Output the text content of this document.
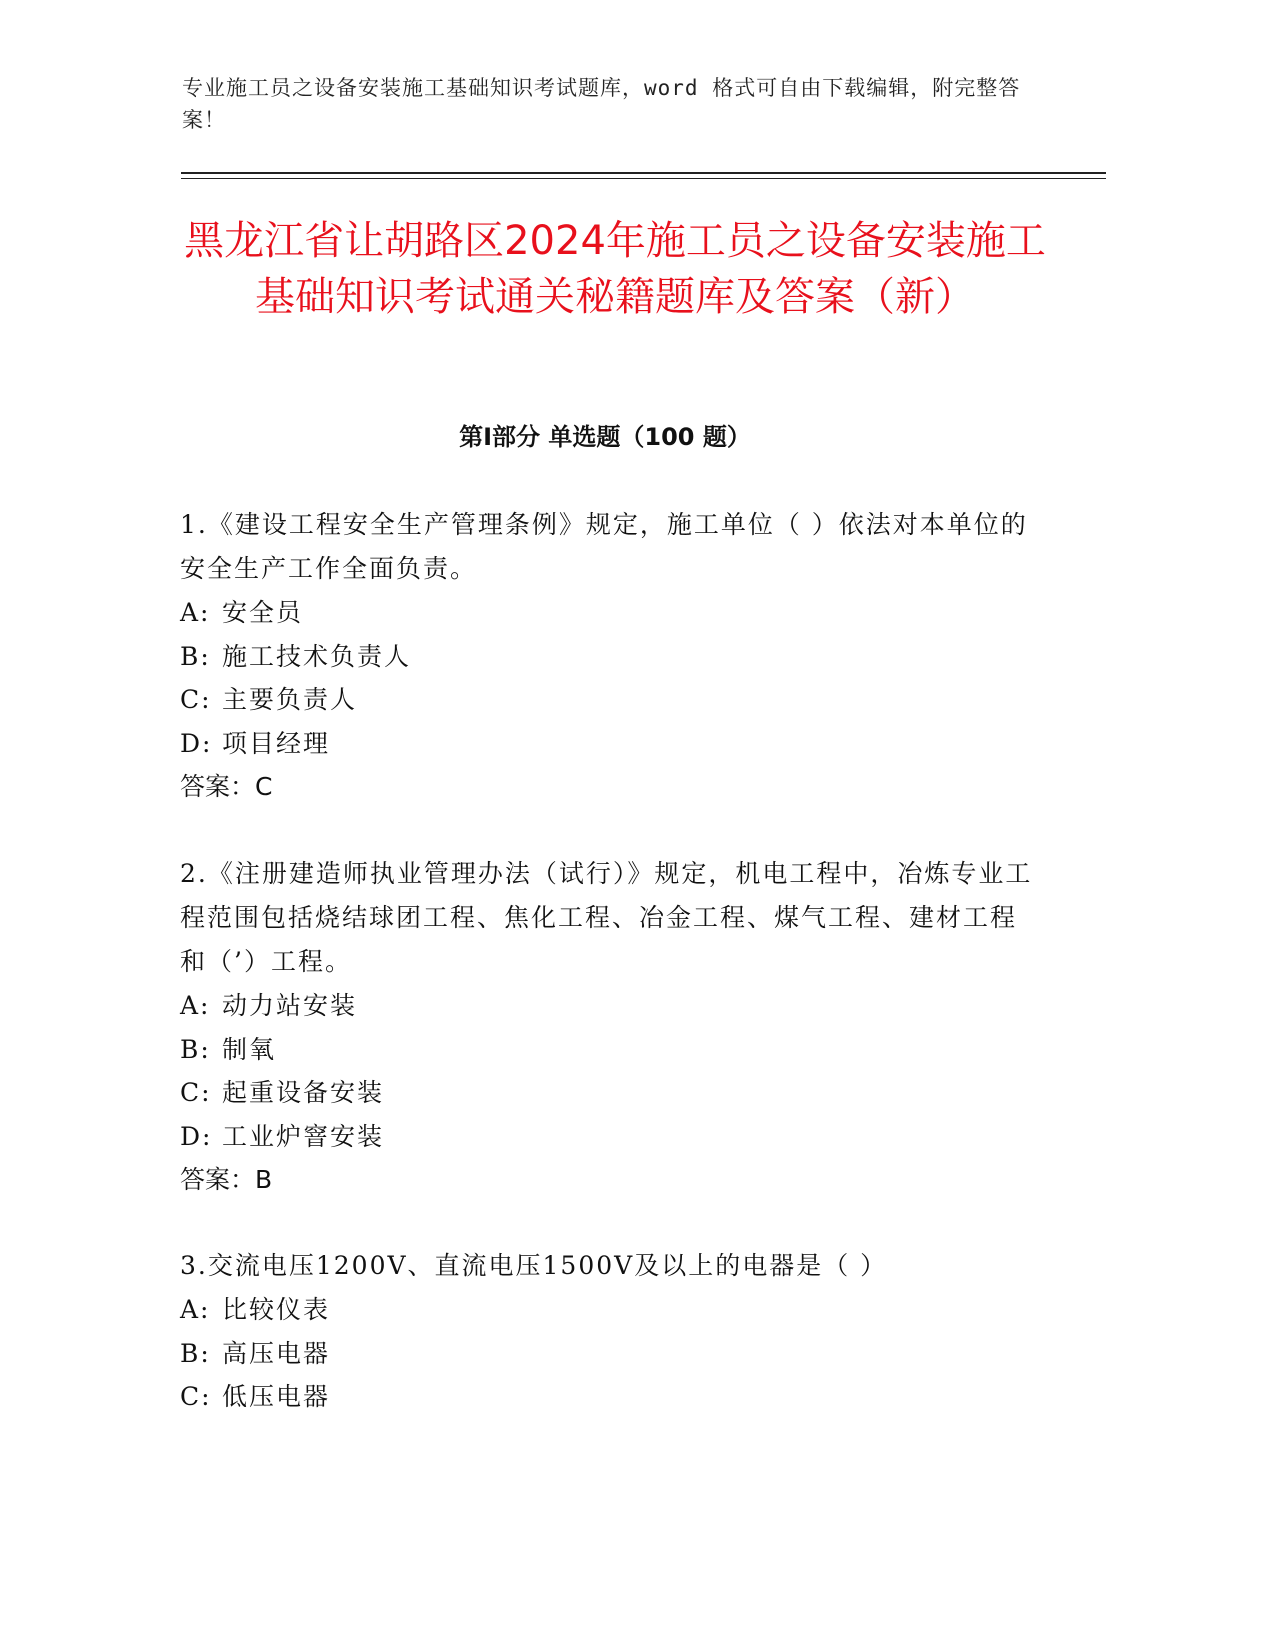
专业施工员之设备安装施工基础知识考试题库，word 格式可自由下载编辑，附完整答案！
黑龙江省让胡路区2024年施工员之设备安装施工基础知识考试通关秘籍题库及答案（新）
第Ⅰ部分 单选题（100 题）

1.《建设工程安全生产管理条例》规定，施工单位（ ）依法对本单位的安全生产工作全面负责。

A: 安全员

B: 施工技术负责人

C: 主要负责人

D: 项目经理

答案：C

2.《注册建造师执业管理办法（试行）》规定，机电工程中，冶炼专业工程范围包括烧结球团工程、焦化工程、冶金工程、煤气工程、建材工程和（’）工程。

A: 动力站安装

B: 制氧

C: 起重设备安装

D: 工业炉窨安装

答案：B

3.交流电压1200V、直流电压1500V及以上的电器是（ ）

A: 比较仪表

B: 高压电器

C: 低压电器
